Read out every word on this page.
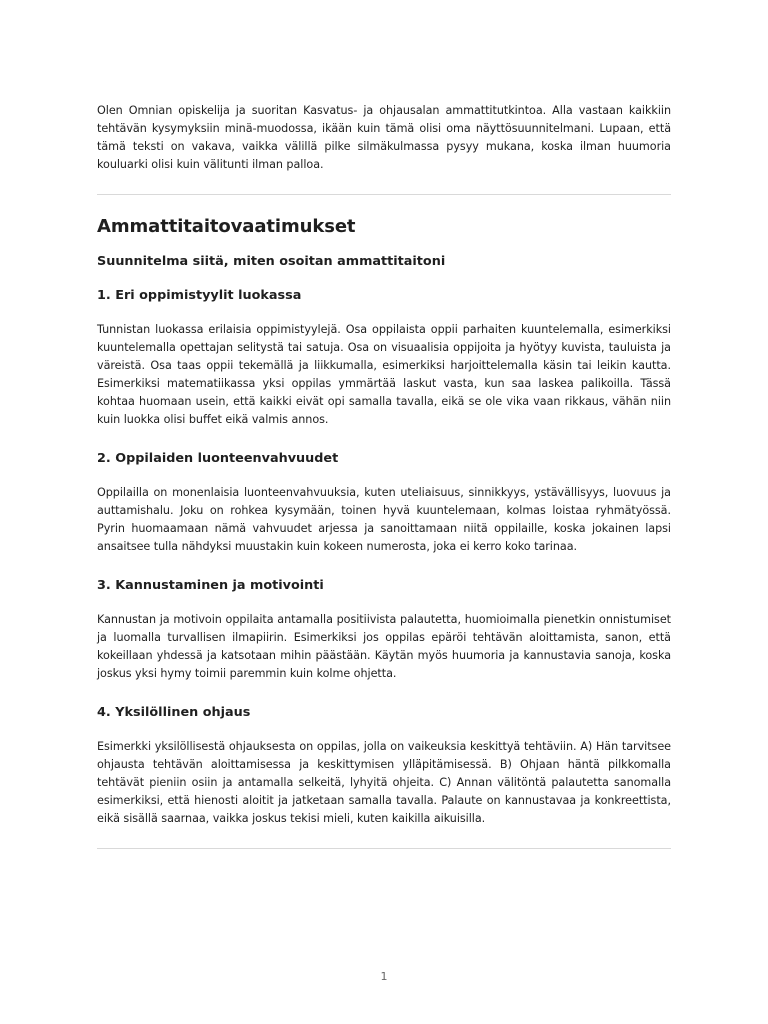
Olen Omnian opiskelija ja suoritan Kasvatus- ja ohjausalan ammattitutkintoa. Alla vastaan kaikkiin tehtävän kysymyksiin minä-muodossa, ikään kuin tämä olisi oma näyttösuunnitelmani. Lupaan, että tämä teksti on vakava, vaikka välillä pilke silmäkulmassa pysyy mukana, koska ilman huumoria kouluarki olisi kuin välitunti ilman palloa.

Ammattitaitovaatimukset
Suunnitelma siitä, miten osoitan ammattitaitoni
1. Eri oppimistyylit luokassa

Tunnistan luokassa erilaisia oppimistyylejä. Osa oppilaista oppii parhaiten kuuntelemalla, esimerkiksi kuuntelemalla opettajan selitystä tai satuja. Osa on visuaalisia oppijoita ja hyötyy kuvista, tauluista ja väreistä. Osa taas oppii tekemällä ja liikkumalla, esimerkiksi harjoittelemalla käsin tai leikin kautta. Esimerkiksi matematiikassa yksi oppilas ymmärtää laskut vasta, kun saa laskea palikoilla. Tässä kohtaa huomaan usein, että kaikki eivät opi samalla tavalla, eikä se ole vika vaan rikkaus, vähän niin kuin luokka olisi buffet eikä valmis annos.

2. Oppilaiden luonteenvahvuudet

Oppilailla on monenlaisia luonteenvahvuuksia, kuten uteliaisuus, sinnikkyys, ystävällisyys, luovuus ja auttamishalu. Joku on rohkea kysymään, toinen hyvä kuuntelemaan, kolmas loistaa ryhmätyössä. Pyrin huomaamaan nämä vahvuudet arjessa ja sanoittamaan niitä oppilaille, koska jokainen lapsi ansaitsee tulla nähdyksi muustakin kuin kokeen numerosta, joka ei kerro koko tarinaa.

3. Kannustaminen ja motivointi

Kannustan ja motivoin oppilaita antamalla positiivista palautetta, huomioimalla pienetkin onnistumiset ja luomalla turvallisen ilmapiirin. Esimerkiksi jos oppilas epäröi tehtävän aloittamista, sanon, että kokeillaan yhdessä ja katsotaan mihin päästään. Käytän myös huumoria ja kannustavia sanoja, koska joskus yksi hymy toimii paremmin kuin kolme ohjetta.

4. Yksilöllinen ohjaus

Esimerkki yksilöllisestä ohjauksesta on oppilas, jolla on vaikeuksia keskittyä tehtäviin. A) Hän tarvitsee ohjausta tehtävän aloittamisessa ja keskittymisen ylläpitämisessä. B) Ohjaan häntä pilkkomalla tehtävät pieniin osiin ja antamalla selkeitä, lyhyitä ohjeita. C) Annan välitöntä palautetta sanomalla esimerkiksi, että hienosti aloitit ja jatketaan samalla tavalla. Palaute on kannustavaa ja konkreettista, eikä sisällä saarnaa, vaikka joskus tekisi mieli, kuten kaikilla aikuisilla.

1
